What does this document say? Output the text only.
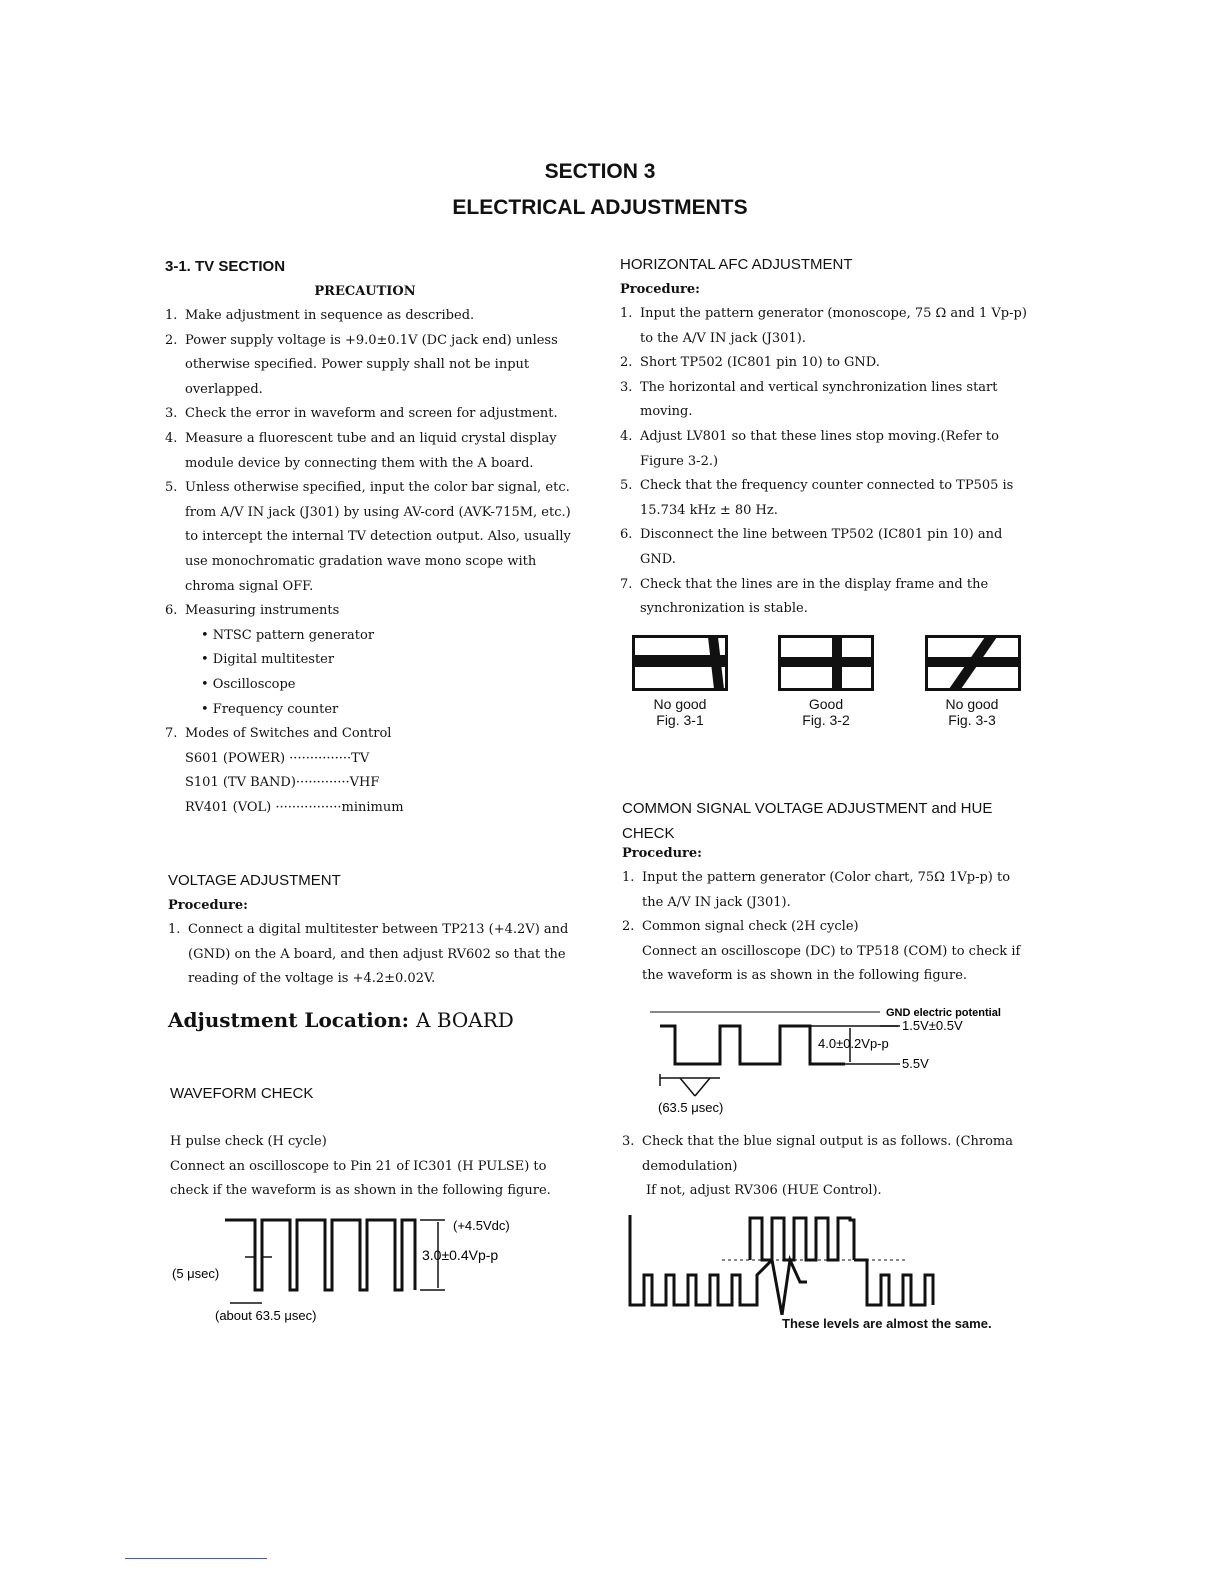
SECTION 3
ELECTRICAL ADJUSTMENTS
3-1. TV SECTION
PRECAUTION
1. Make adjustment in sequence as described.
2. Power supply voltage is +9.0±0.1V (DC jack end) unless otherwise specified. Power supply shall not be input overlapped.
3. Check the error in waveform and screen for adjustment.
4. Measure a fluorescent tube and an liquid crystal display module device by connecting them with the A board.
5. Unless otherwise specified, input the color bar signal, etc. from A/V IN jack (J301) by using AV-cord (AVK-715M, etc.) to intercept the internal TV detection output. Also, usually use monochromatic gradation wave mono scope with chroma signal OFF.
6. Measuring instruments
• NTSC pattern generator
• Digital multitester
• Oscilloscope
• Frequency counter
7. Modes of Switches and Control
S601 (POWER) ···············TV
S101 (TV BAND)·············VHF
RV401 (VOL) ················minimum
VOLTAGE ADJUSTMENT
Procedure:
1. Connect a digital multitester between TP213 (+4.2V) and (GND) on the A board, and then adjust RV602 so that the reading of the voltage is +4.2±0.02V.
Adjustment Location: A BOARD
WAVEFORM CHECK
H pulse check (H cycle)
Connect an oscilloscope to Pin 21 of IC301 (H PULSE) to check if the waveform is as shown in the following figure.
(+4.5Vdc)
3.0±0.4Vp-p
(5 μsec)
(about 63.5 μsec)
HORIZONTAL AFC ADJUSTMENT
Procedure:
1. Input the pattern generator (monoscope, 75 Ω and 1 Vp-p) to the A/V IN jack (J301).
2. Short TP502 (IC801 pin 10) to GND.
3. The horizontal and vertical synchronization lines start moving.
4. Adjust LV801 so that these lines stop moving.(Refer to Figure 3-2.)
5. Check that the frequency counter connected to TP505 is 15.734 kHz ± 80 Hz.
6. Disconnect the line between TP502 (IC801 pin 10) and GND.
7. Check that the lines are in the display frame and the synchronization is stable.
No good
Fig. 3-1
Good
Fig. 3-2
No good
Fig. 3-3
COMMON SIGNAL VOLTAGE ADJUSTMENT and HUE CHECK
Procedure:
1. Input the pattern generator (Color chart, 75Ω 1Vp-p) to the A/V IN jack (J301).
2. Common signal check (2H cycle)
Connect an oscilloscope (DC) to TP518 (COM) to check if the waveform is as shown in the following figure.
GND electric potential
1.5V±0.5V
4.0±0.2Vp-p
5.5V
(63.5 μsec)
3. Check that the blue signal output is as follows. (Chroma demodulation)
If not, adjust RV306 (HUE Control).
These levels are almost the same.
